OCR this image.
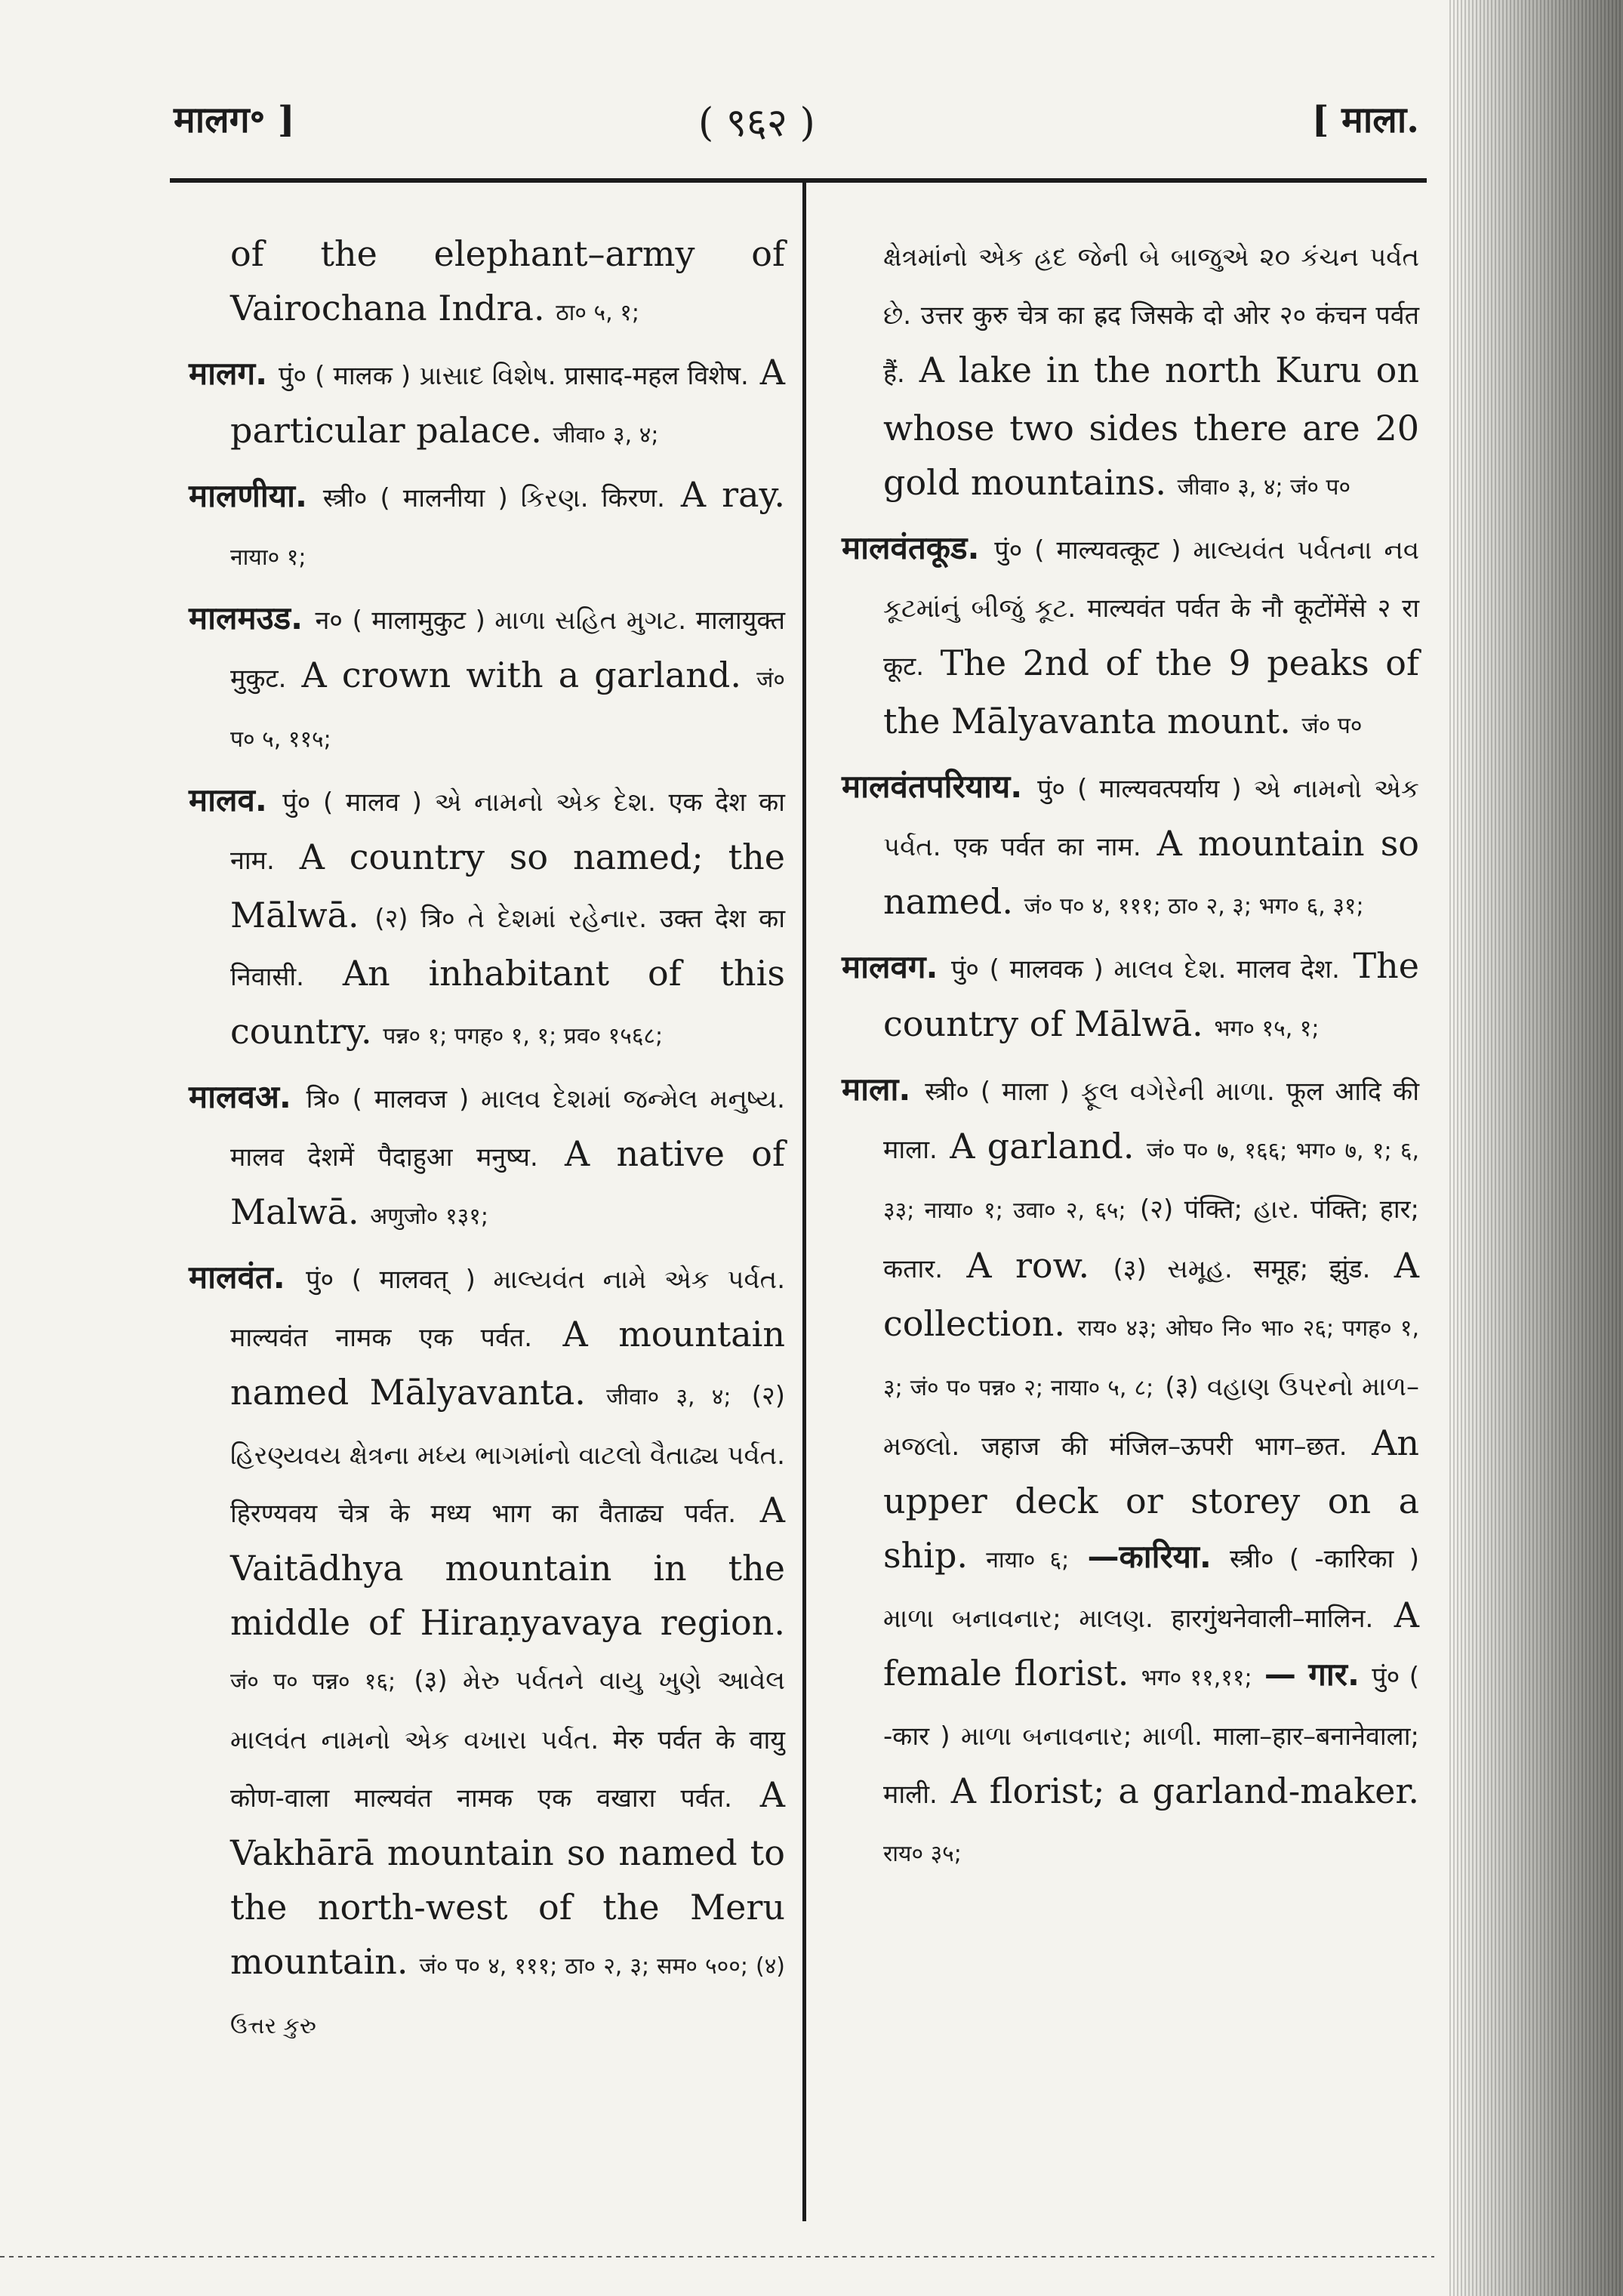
मालग॰ ]	( ९६२ )	[ माला.

of the elephant–army of Vairochana Indra. ठा० ५, १;

मालग. पुं० ( मालक ) પ્રાસાદ વિશેષ. प्रासाद-महल विशेष. A particular palace. जीवा० ३, ४;

मालणीया. स्त्री० ( मालनीया ) કિરણ. किरण. A ray. नाया० १;

मालमउड. न० ( मालामुकुट ) માળા સહિત મુગટ. मालायुक्त मुकुट. A crown with a garland. जं० प० ५, ११५;

मालव. पुं० ( मालव ) એ નામનો એક દેશ. एक देश का नाम. A country so named; the Mālwā. (२) त्रि० તે દેશમાં રહેનાર. उक्त देश का निवासी. An inhabitant of this country. पन्न० १; पगह० १, १; प्रव० १५६८;

मालवअ. त्रि० ( मालवज ) માલવ દેશમાં જન્મેલ મનુષ્ય. मालव देशमें पैदाहुआ मनुष्य. A native of Malwā. अणुजो० १३१;

मालवंत. पुं० ( मालवत् ) માલ્યવંત નામે એક પર્વત. माल्यवंत नामक एक पर्वत. A mountain named Mālyavanta. जीवा० ३, ४; (२) હિરણ્યવય ક્ષેત્રના મધ્ય ભાગમાંનો વાટલો વૈતાઢ્ય પર્વત. हिरण्यवय चेत्र के मध्य भाग का वैताढ्य पर्वत. A Vaitādhya mountain in the middle of Hiraṇyavaya region. जं० प० पन्न० १६; (३) મેરુ પર્વતને વાયુ ખુણે આવેલ માલવંત નામનો એક વખારા પર્વત. मेरु पर्वत के वायु कोण-वाला माल्यवंत नामक एक वखारा पर्वत. A Vakhārā mountain so named to the north-west of the Meru mountain. जं० प० ४, १११; ठा० २, ३; सम० ५००; (४) ઉત્તર કુરુ

ક્ષેત્રમાંનો એક હ્રદ જેની બે બાજુએ ૨૦ કંચન પર્વત છે. उत्तर कुरु चेत्र का ह्रद जिसके दो ओर २० कंचन पर्वत हैं. A lake in the north Kuru on whose two sides there are 20 gold mountains. जीवा० ३, ४; जं० प०

मालवंतकूड. पुं० ( माल्यवत्कूट ) માલ્યવંત પર્વતના નવ કૂટમાંનું બીજું કૂટ. माल्यवंत पर्वत के नौ कूटोंमेंसे २ रा कूट. The 2nd of the 9 peaks of the Mālyavanta mount. जं० प०

मालवंतपरियाय. पुं० ( माल्यवत्पर्याय ) એ નામનો એક પર્વત. एक पर्वत का नाम. A mountain so named. जं० प० ४, १११; ठा० २, ३; भग० ६, ३१;

मालवग. पुं० ( मालवक ) માલવ દેશ. मालव देश. The country of Mālwā. भग० १५, १;

माला. स्त्री० ( माला ) ફૂલ વગેરેની માળા. फूल आदि की माला. A garland. जं० प० ७, १६६; भग० ७, १; ६, ३३; नाया० १; उवा० २, ६५; (२) पंक्ति; હાર. पंक्ति; हार; कतार. A row. (३) સમૂહ. समूह; झुंड. A collection. राय० ४३; ओघ० नि० भा० २६; पगह० १, ३; जं० प० पन्न० २; नाया० ५, ८; (३) વહાણ ઉપરનો માળ–મજલો. जहाज की मंजिल–ऊपरी भाग–छत. An upper deck or storey on a ship. नाया० ६; —कारिया. स्त्री० ( -कारिका ) માળા બનાવનાર; માલણ. हारगुंथनेवाली–मालिन. A female florist. भग० ११,११; — गार. पुं० ( -कार ) માળા બનાવનાર; માળી. माला–हार–बनानेवाला; माली. A florist; a garland-maker. राय० ३५;
